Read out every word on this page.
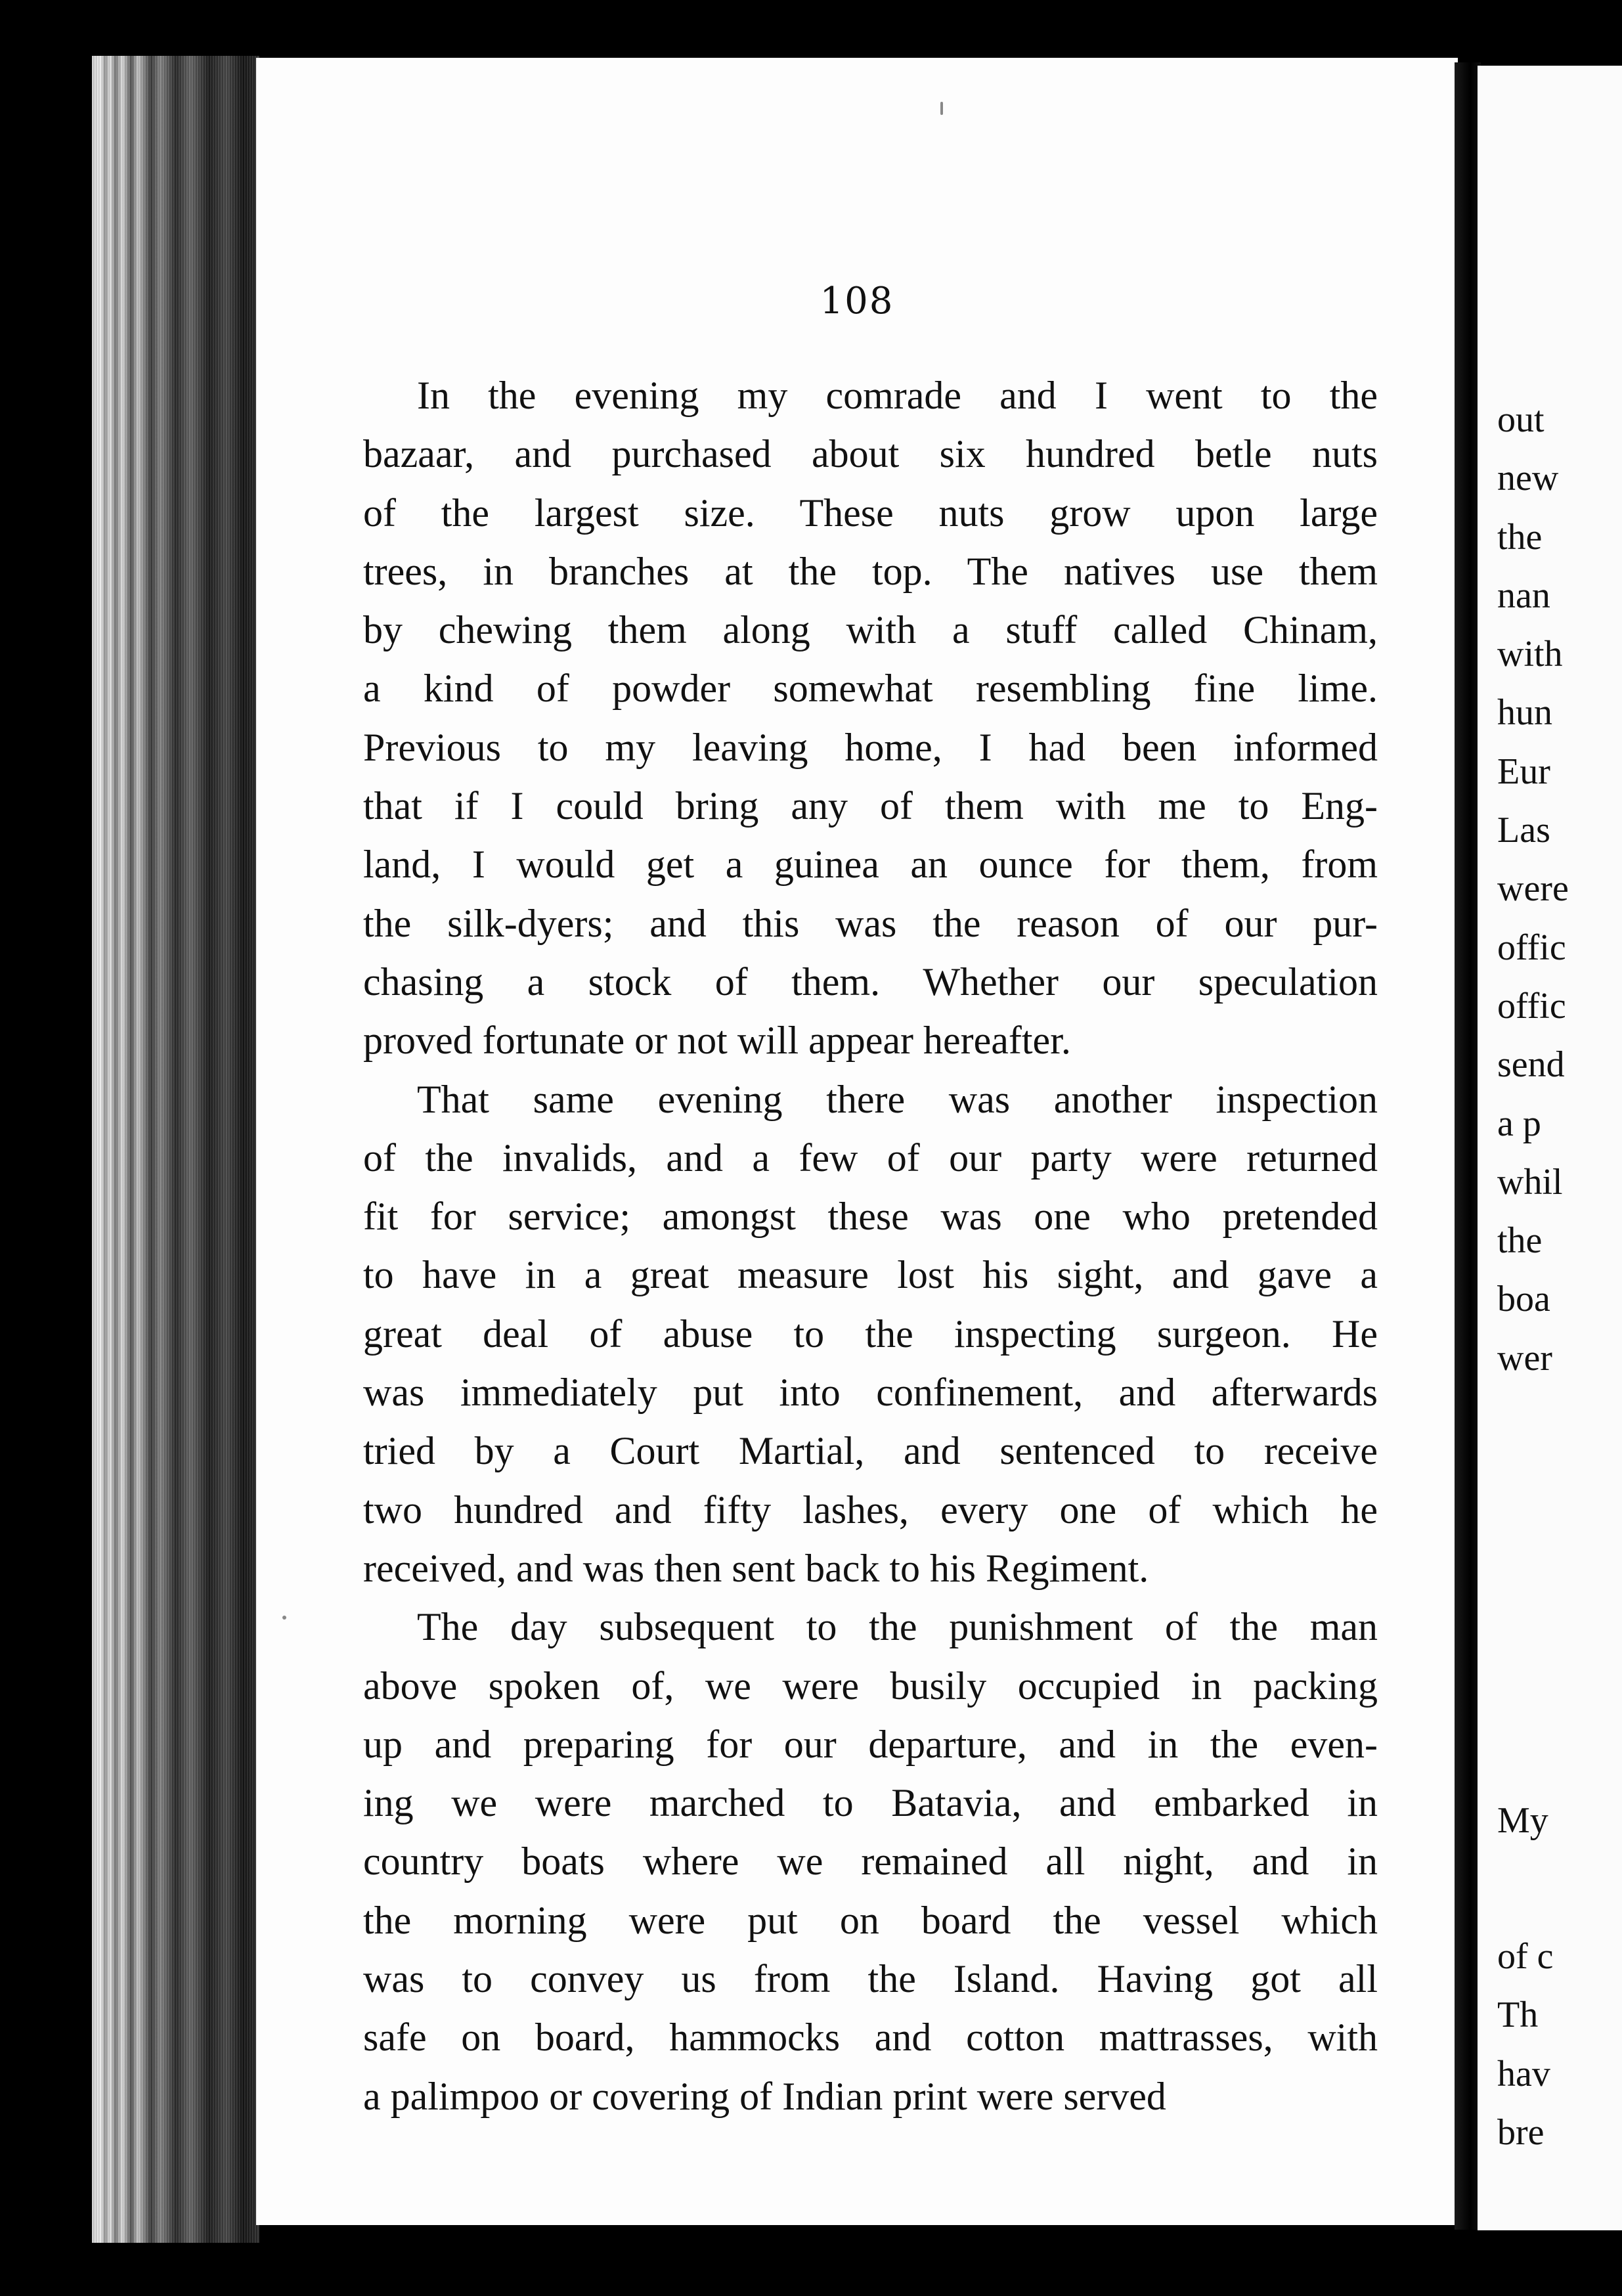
108

In the evening my comrade and I went to the
bazaar, and purchased about six hundred betle nuts
of the largest size. These nuts grow upon large
trees, in branches at the top. The natives use them
by chewing them along with a stuff called Chinam,
a kind of powder somewhat resembling fine lime.
Previous to my leaving home, I had been informed
that if I could bring any of them with me to Eng-
land, I would get a guinea an ounce for them, from
the silk-dyers; and this was the reason of our pur-
chasing a stock of them. Whether our speculation
proved fortunate or not will appear hereafter.

That same evening there was another inspection
of the invalids, and a few of our party were returned
fit for service; amongst these was one who pretended
to have in a great measure lost his sight, and gave a
great deal of abuse to the inspecting surgeon. He
was immediately put into confinement, and afterwards
tried by a Court Martial, and sentenced to receive
two hundred and fifty lashes, every one of which he
received, and was then sent back to his Regiment.

The day subsequent to the punishment of the man
above spoken of, we were busily occupied in packing
up and preparing for our departure, and in the even-
ing we were marched to Batavia, and embarked in
country boats where we remained all night, and in
the morning were put on board the vessel which
was to convey us from the Island. Having got all
safe on board, hammocks and cotton mattrasses, with
a palimpoo or covering of Indian print were served

out
new
the
nan
with
hun
Eur
Las
were
offic
offic
send
a p
whil
the
boa
wer
My
of c
Th
hav
bre
